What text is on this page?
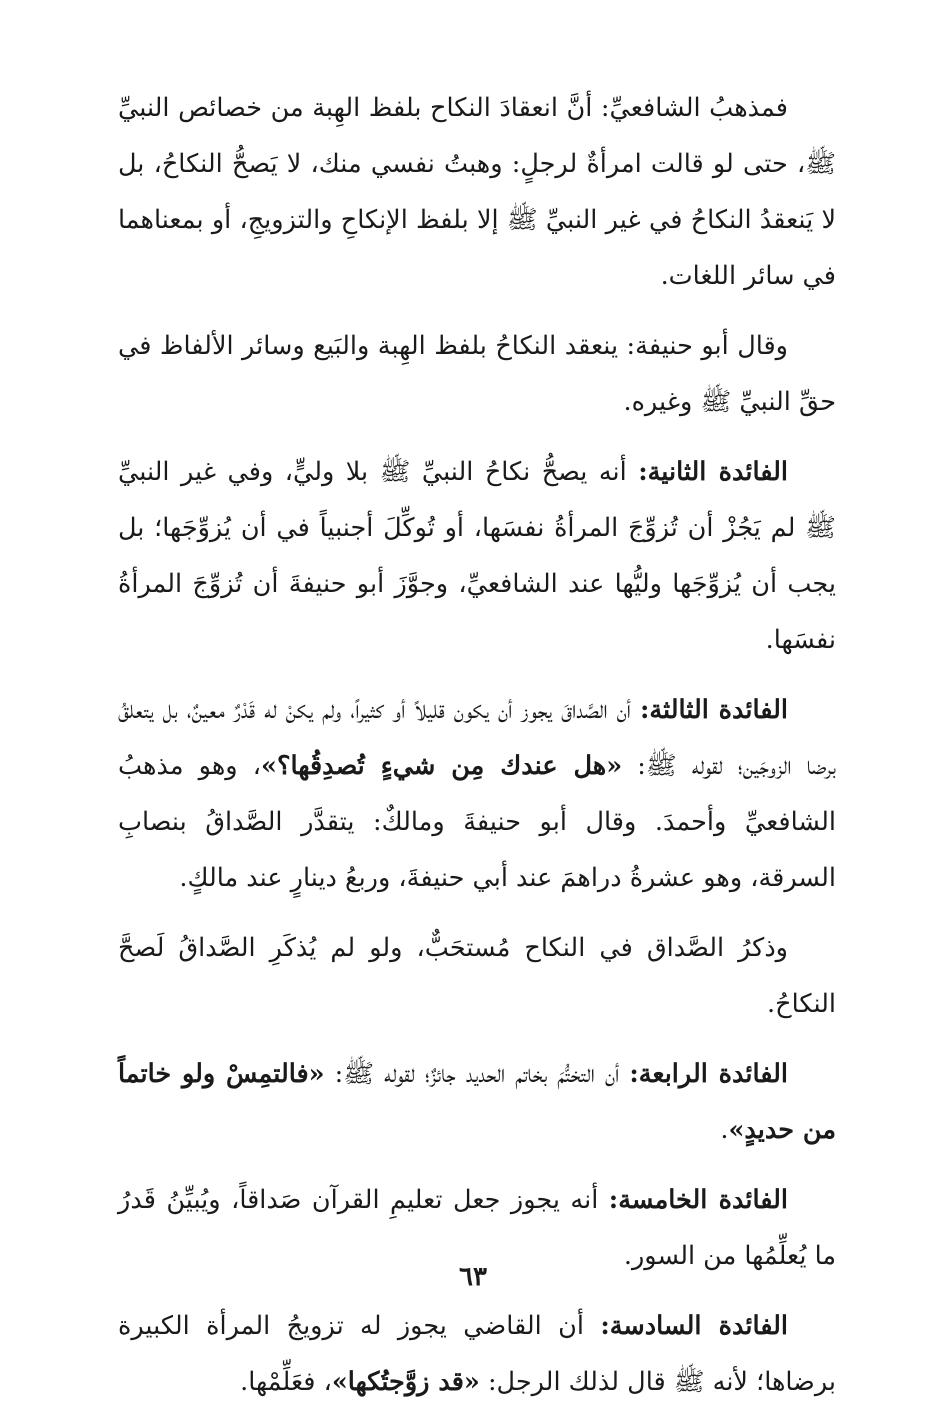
فمذهبُ الشافعيِّ: أنَّ انعقادَ النكاح بلفظ الهِبة من خصائص النبيِّ ﷺ، حتى لو قالت امرأةٌ لرجلٍ: وهبتُ نفسي منك، لا يَصحُّ النكاحُ، بل لا يَنعقدُ النكاحُ في غير النبيِّ ﷺ إلا بلفظ الإنكاحِ والتزويجِ، أو بمعناهما في سائر اللغات.

وقال أبو حنيفة: ينعقد النكاحُ بلفظ الهِبة والبَيع وسائر الألفاظ في حقِّ النبيِّ ﷺ وغيره.

الفائدة الثانية: أنه يصحُّ نكاحُ النبيِّ ﷺ بلا وليٍّ، وفي غير النبيِّ ﷺ لم يَجُزْ أن تُزوِّجَ المرأةُ نفسَها، أو تُوكِّلَ أجنبياً في أن يُزوِّجَها؛ بل يجب أن يُزوِّجَها وليُّها عند الشافعيِّ، وجوَّزَ أبو حنيفةَ أن تُزوِّجَ المرأةُ نفسَها.

الفائدة الثالثة: أن الصَّداقَ يجوز أن يكون قليلاً أو كثيراً، ولم يكنْ له قَدْرٌ معينٌ، بل يتعلقُ برضا الزوجَين؛ لقوله ﷺ: «هل عندك مِن شيءٍ تُصدِقُها؟»، وهو مذهبُ الشافعيِّ وأحمدَ. وقال أبو حنيفةَ ومالكٌ: يتقدَّر الصَّداقُ بنصابِ السرقة، وهو عشرةُ دراهمَ عند أبي حنيفةَ، وربعُ دينارٍ عند مالكٍ.

وذكرُ الصَّداق في النكاح مُستحَبٌّ، ولو لم يُذكَرِ الصَّداقُ لَصحَّ النكاحُ.

الفائدة الرابعة: أن التختُّمَ بخاتم الحديد جائزٌ؛ لقوله ﷺ: «فالتمِسْ ولو خاتماً من حديدٍ».

الفائدة الخامسة: أنه يجوز جعل تعليمِ القرآن صَداقاً، ويُبيِّنُ قَدرُ ما يُعلِّمُها من السور.

الفائدة السادسة: أن القاضي يجوز له تزويجُ المرأة الكبيرة برضاها؛ لأنه ﷺ قال لذلك الرجل: «قد زوَّجتُكها»، فعَلِّمْها.

٦٣
